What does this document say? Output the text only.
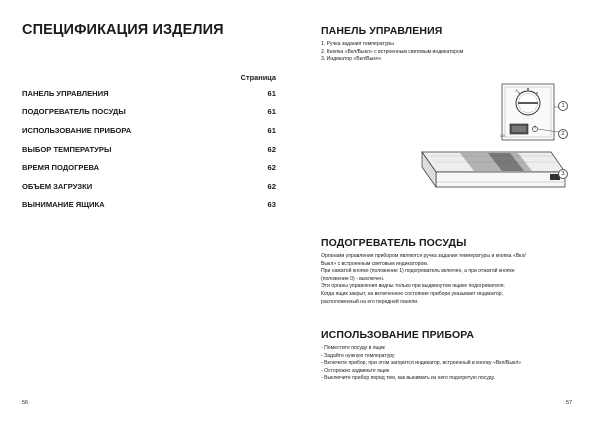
СПЕЦИФИКАЦИЯ ИЗДЕЛИЯ
Страница
ПАНЕЛЬ УПРАВЛЕНИЯ	61
ПОДОГРЕВАТЕЛЬ ПОСУДЫ	61
ИСПОЛЬЗОВАНИЕ ПРИБОРА	61
ВЫБОР ТЕМПЕРАТУРЫ	62
ВРЕМЯ ПОДОГРЕВА	62
ОБЪЕМ ЗАГРУЗКИ	62
ВЫНИМАНИЕ ЯЩИКА	63
56
ПАНЕЛЬ УПРАВЛЕНИЯ
1. Ручка задания температуры
2. Кнопка «Вкл/Выкл» с встроенным световым индикатором
3. Индикатор «Вкл/Выкл»
A
1|0
1
2
3
ПОДОГРЕВАТЕЛЬ ПОСУДЫ
Органами управления прибором являются ручка задания температуры и кнопка «Вкл/
Выкл» с встроенным световым индикатором.
При нажатой кнопке (положение 1) подогреватель включен, а при отжатой кнопке
(положение 0) - выключен.
Эти органы управления видны только при выдвинутом ящике подогревателя.
Когда ящик закрыт, на включенное состояние прибора указывает индикатор,
расположенный на его передней панели.
ИСПОЛЬЗОВАНИЕ ПРИБОРА
- Поместите посуду в ящик
- Задайте нужную температуру
- Включите прибор, при этом загорится индикатор, встроенный в кнопку «Вкл/Выкл»
- Осторожно задвиньте ящик
- Выключите прибор перед тем, как вынимать из него подогретую посуду.
57
